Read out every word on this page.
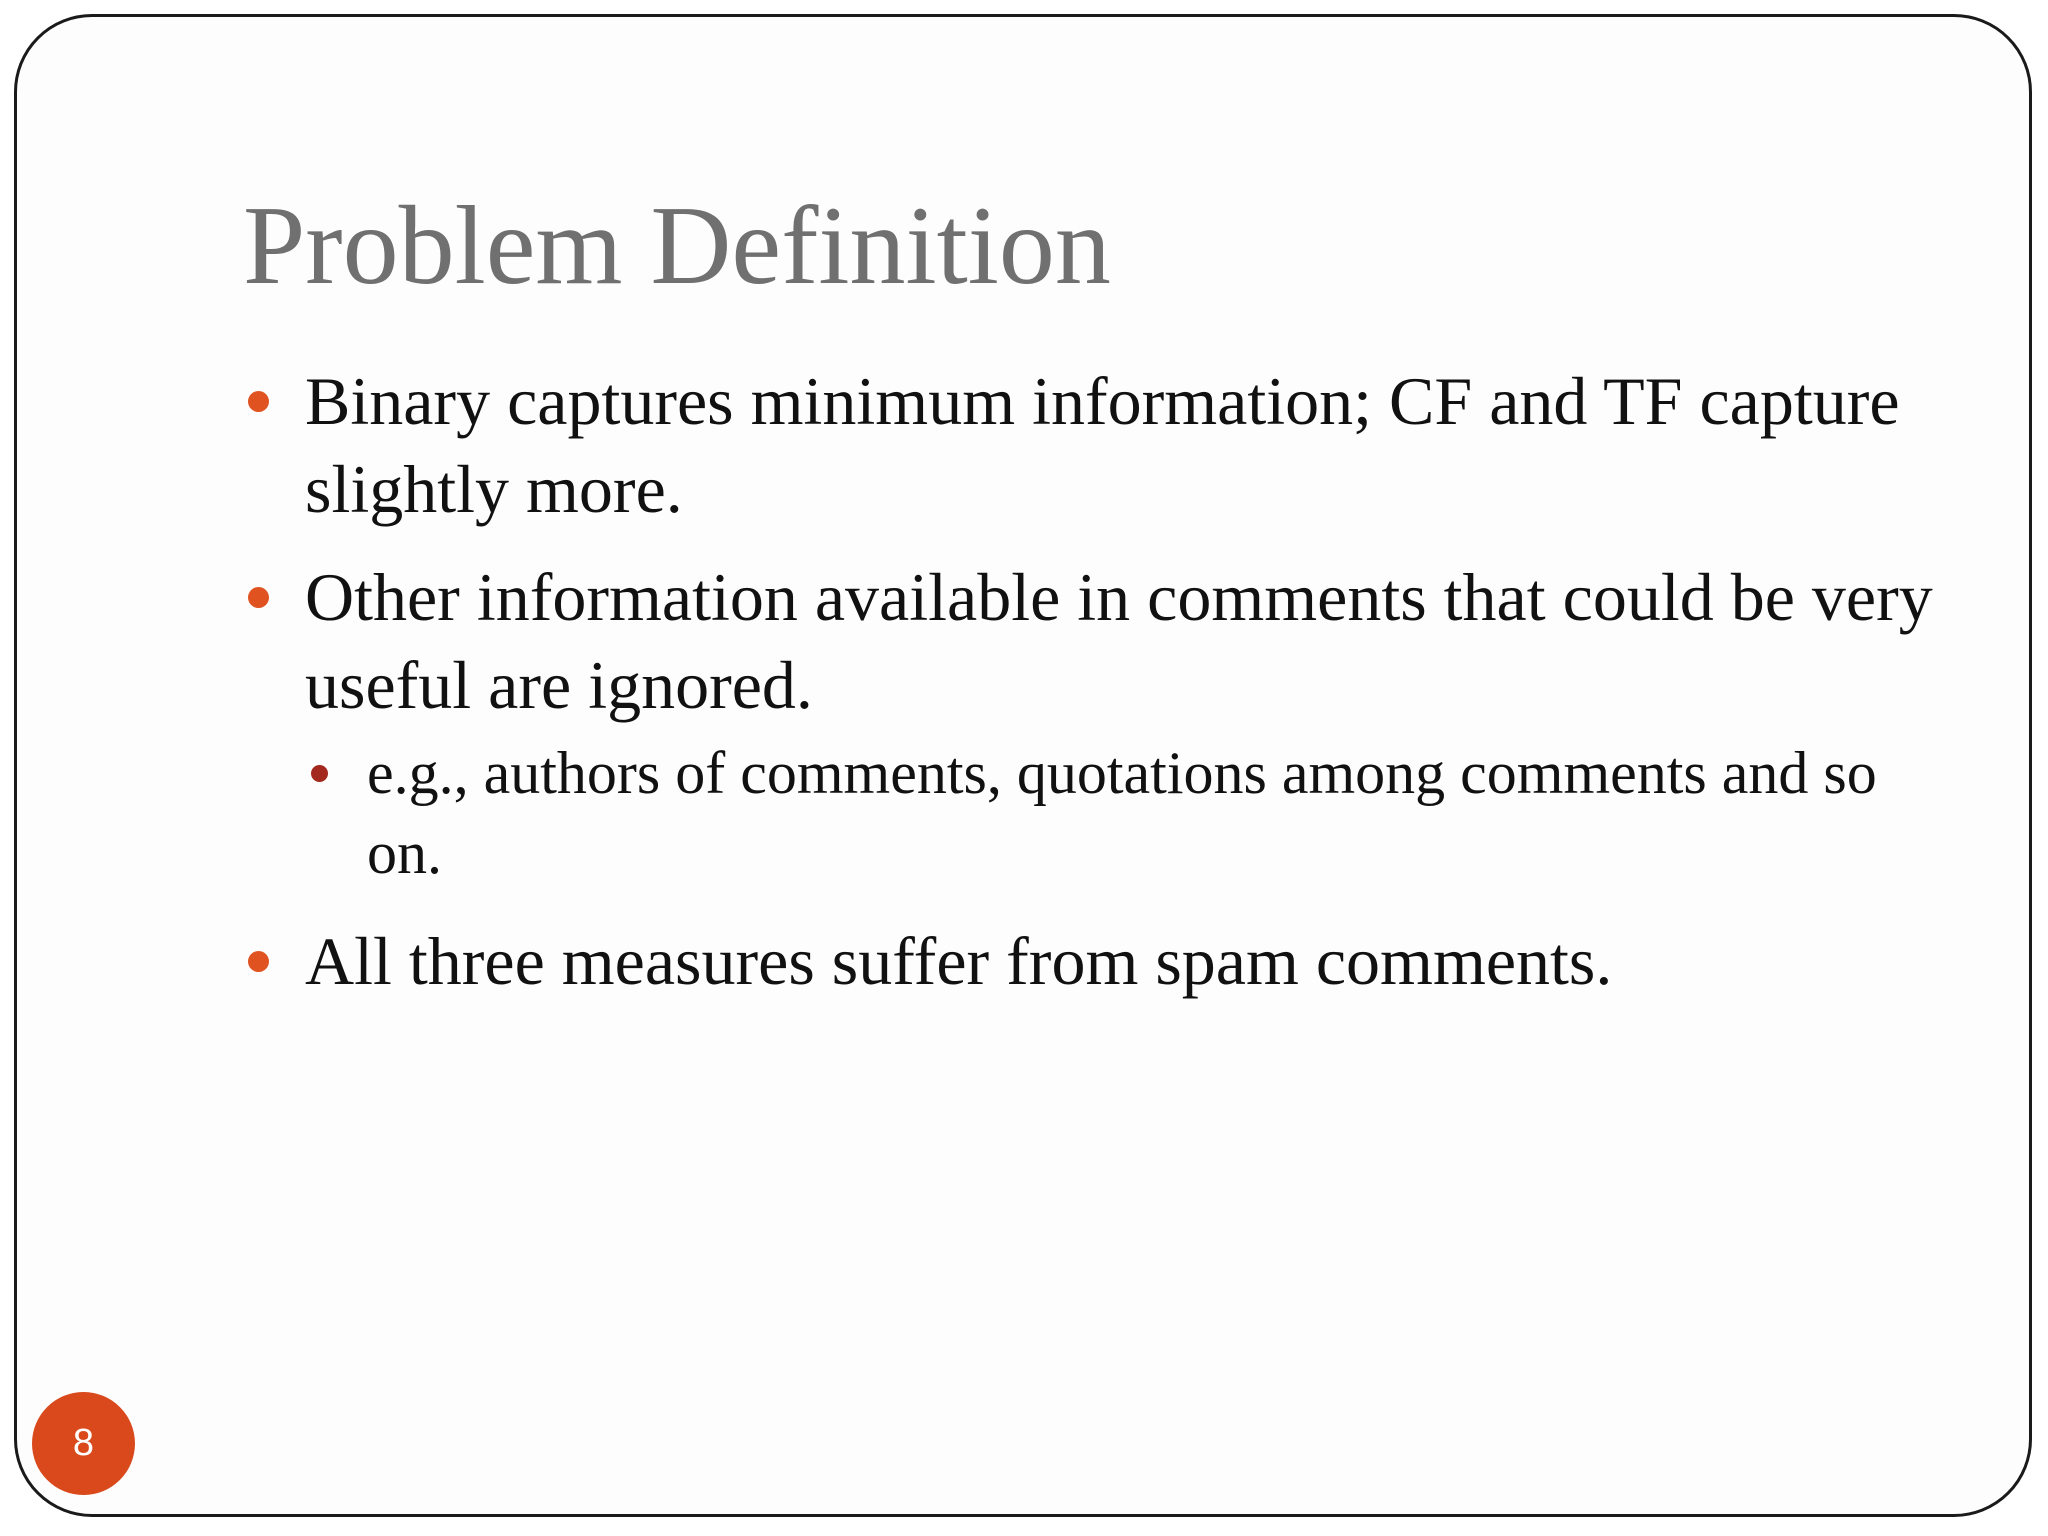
Problem Definition
Binary captures minimum information; CF and TF capture slightly more.
Other information available in comments that could be very useful are ignored.
e.g., authors of comments, quotations among comments and so on.
All three measures suffer from spam comments.
8
